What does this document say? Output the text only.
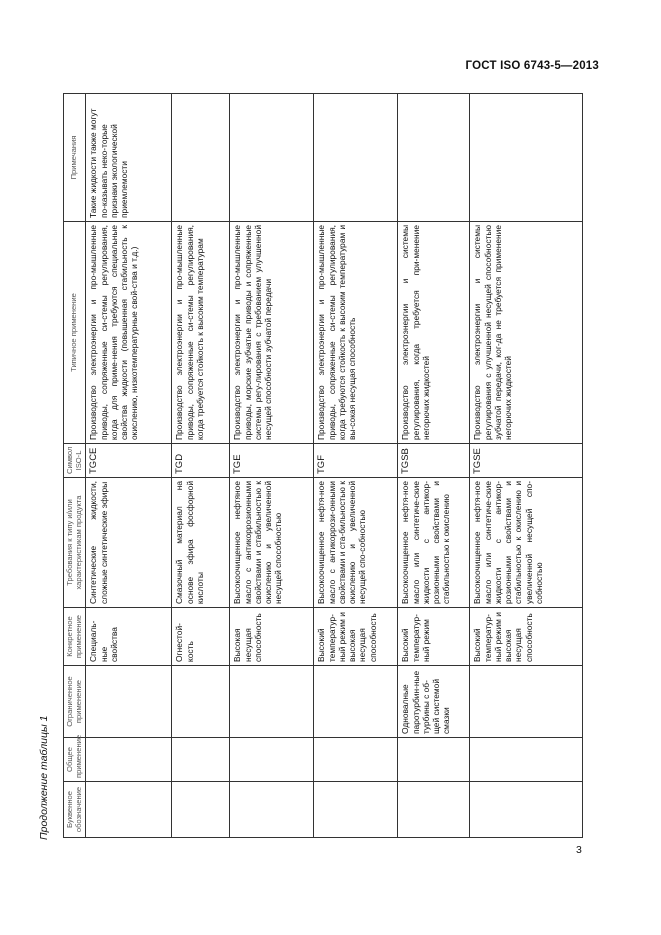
ГОСТ ISO 6743-5—2013
Продолжение таблицы 1
3
Буквенное обозначение	Общее применение	Ограниченное применение	Конкретное применение	Требования к типу и/или характеристикам продукта	Символ ISO-L	Типичное применение	Примечания
			Специаль-ные свойства	Синтетические жидкости, сложные синтетические эфиры	TGCE	Производство электроэнергии и про-мышленные приводы, сопряженные си-стемы регулирования, когда для приме-нения требуются специальные свойства жидкости (повышенная стабильность к окислению, низкотемпературные свой-ства и т.д.)	Такие жидкости также могут по-казывать неко-торые признаки экологической приемлемости
			Огнестой-кость	Смазочный материал на основе эфира фосфорной кислоты	TGD	Производство электроэнергии и про-мышленные приводы, сопряженные си-стемы регулирования, когда требуется стойкость к высоким температурам	
			Высокая несущая способность	Высокоочищенное нефтяное масло с антикоррозионными свойствами и стабильностью к окислению и увеличенной несущей способностью	TGE	Производство электроэнергии и про-мышленные приводы, морские зубчатые приводы и сопряженные системы регу-лирования с требованием улучшенной несущей способности зубчатой передачи	
			Высокий температур-ный режим и высокая несущая способность	Высокоочищенное нефтя-ное масло с антикоррози-онными свойствами и ста-бильностью к окислению и увеличенной несущей спо-собностью	TGF	Производство электроэнергии и про-мышленные приводы, сопряженные си-стемы регулирования, когда требуются стойкость к высоким температурам и вы-сокая несущая способность	
		Одновалные паротурбин-ные турбины с об-щей системой смазки	Высокий температур-ный режим	Высокоочищенное нефтя-ное масло или синтетиче-ские жидкости с антикор-розионными свойствами и стабильностью к окислению	TGSB	Производство электроэнергии и системы регулирования, когда требуется при-менение негорючих жидкостей	
			Высокий температур-ный режим и высокая несущая способность	Высокоочищенное нефтя-ное масло или синтетиче-ские жидкости с антикор-розионными свойствами и стабильностью к окислению и увеличенной несущей спо-собностью	TGSE	Производство электроэнергии и системы регулирования с улучшенной несущей способностью зубчатой передачи, ког-да не требуется применение негорючих жидкостей	
